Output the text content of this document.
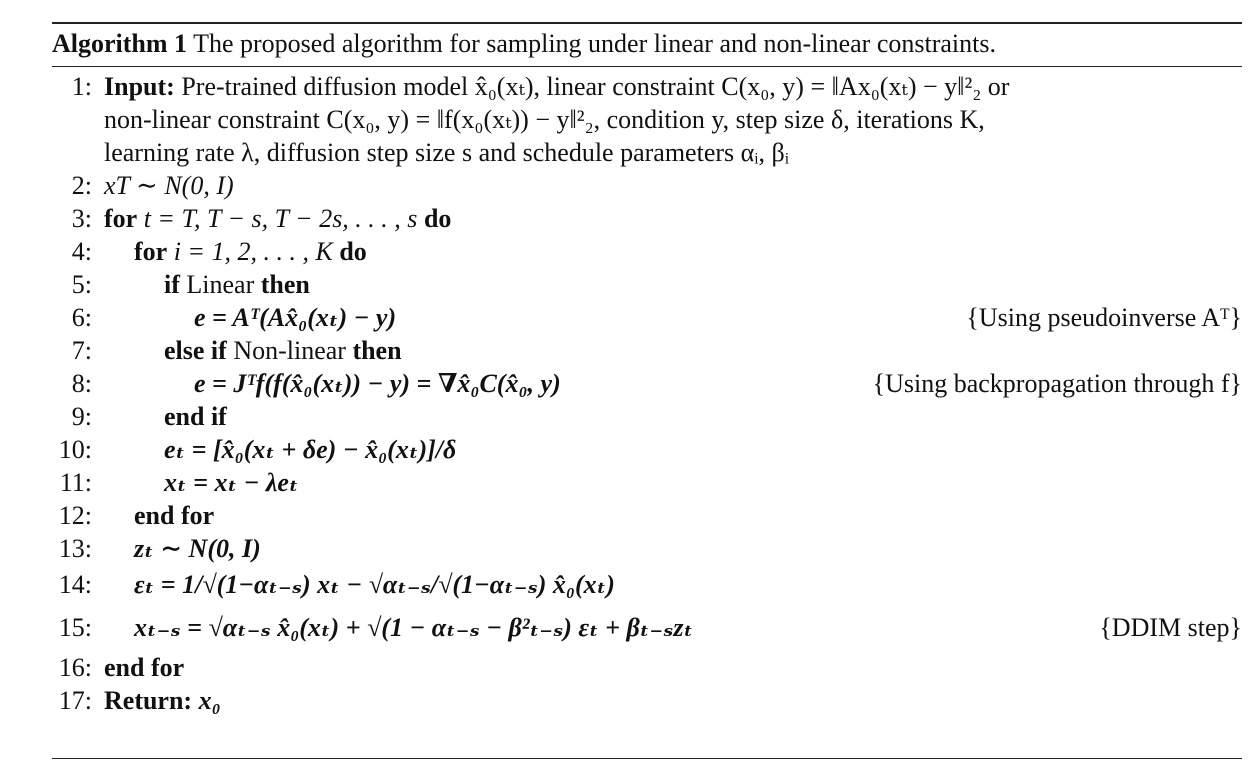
Algorithm 1 The proposed algorithm for sampling under linear and non-linear constraints.
1: Input: Pre-trained diffusion model x̂₀(xₜ), linear constraint C(x₀, y) = ‖Ax₀(xₜ) − y‖²₂ or
non-linear constraint C(x₀, y) = ‖f(x₀(xₜ)) − y‖²₂, condition y, step size δ, iterations K,
learning rate λ, diffusion step size s and schedule parameters αᵢ, βᵢ
2: xT ∼ N(0, I)
3: for t = T, T − s, T − 2s, . . . , s do
4: for i = 1, 2, . . . , K do
5:	if Linear then
6:	e = Aᵀ(Ax̂₀(xₜ) − y)	{Using pseudoinverse Aᵀ}
7:	else if Non-linear then
8:	e = Jᵀf(f(x̂₀(xₜ)) − y) = ∇x̂₀C(x̂₀, y)	{Using backpropagation through f}
9:	end if
10:	eₜ = [x̂₀(xₜ + δe) − x̂₀(xₜ)]/δ
11:	xₜ = xₜ − λeₜ
12: end for
13: zₜ ∼ N(0, I)
14: εₜ = 1/√(1−αₜ₋ₛ) xₜ − √αₜ₋ₛ/√(1−αₜ₋ₛ) x̂₀(xₜ)
15: xₜ₋ₛ = √αₜ₋ₛ x̂₀(xₜ) + √(1 − αₜ₋ₛ − β²ₜ₋ₛ) εₜ + βₜ₋ₛzₜ	{DDIM step}
16: end for
17: Return: x₀
